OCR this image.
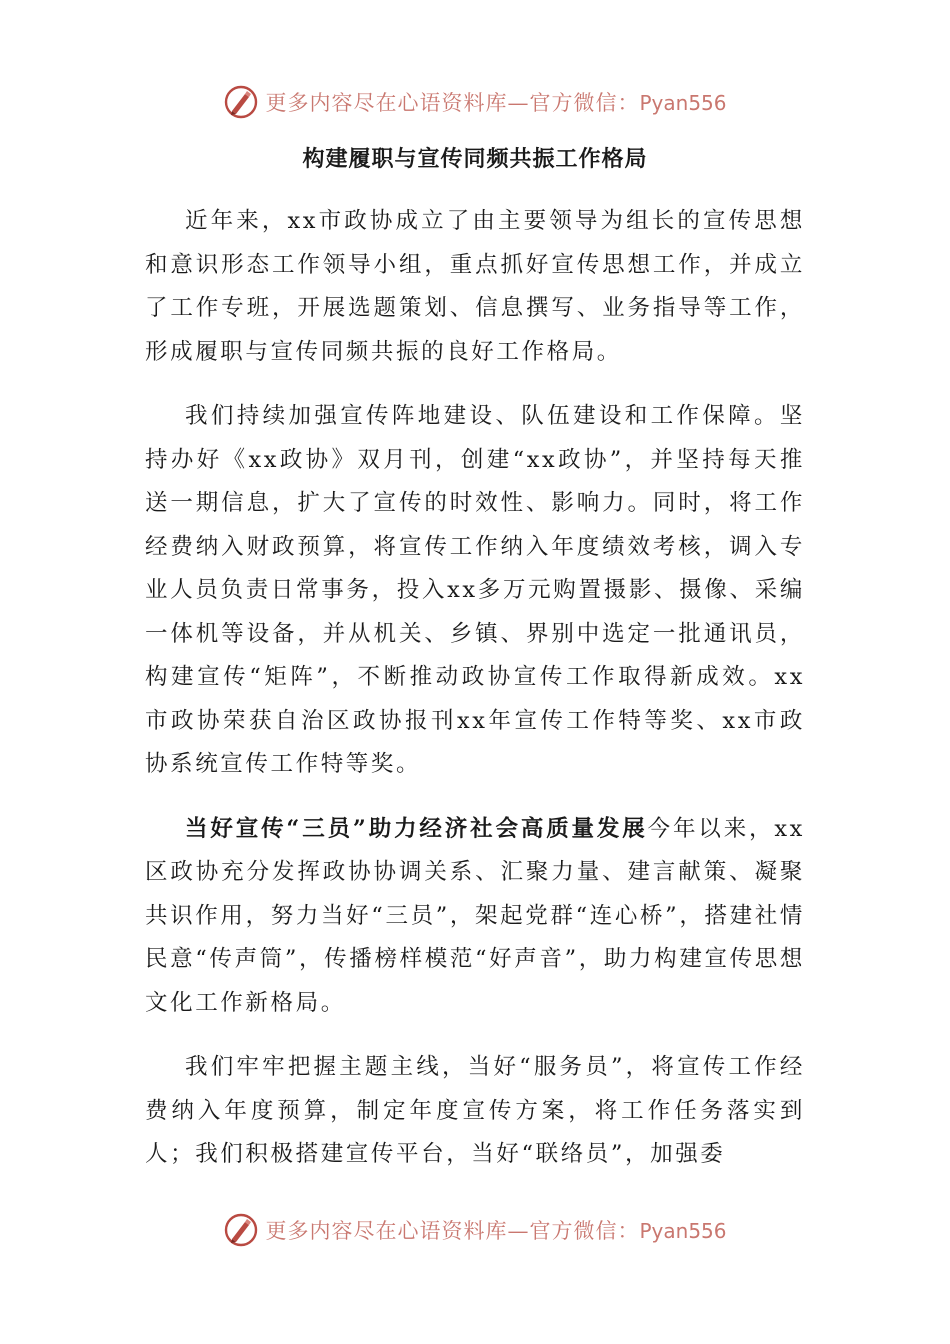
更多内容尽在心语资料库—官方微信：Pyan556
构建履职与宣传同频共振工作格局

近年来，xx市政协成立了由主要领导为组长的宣传思想和意识形态工作领导小组，重点抓好宣传思想工作，并成立了工作专班，开展选题策划、信息撰写、业务指导等工作，形成履职与宣传同频共振的良好工作格局。

我们持续加强宣传阵地建设、队伍建设和工作保障。坚持办好《xx政协》双月刊，创建“xx政协”，并坚持每天推送一期信息，扩大了宣传的时效性、影响力。同时，将工作经费纳入财政预算，将宣传工作纳入年度绩效考核，调入专业人员负责日常事务，投入xx多万元购置摄影、摄像、采编一体机等设备，并从机关、乡镇、界别中选定一批通讯员，构建宣传“矩阵”，不断推动政协宣传工作取得新成效。xx市政协荣获自治区政协报刊xx年宣传工作特等奖、xx市政协系统宣传工作特等奖。

当好宣传“三员”助力经济社会高质量发展今年以来，xx区政协充分发挥政协协调关系、汇聚力量、建言献策、凝聚共识作用，努力当好“三员”，架起党群“连心桥”，搭建社情民意“传声筒”，传播榜样模范“好声音”，助力构建宣传思想文化工作新格局。

我们牢牢把握主题主线，当好“服务员”，将宣传工作经费纳入年度预算，制定年度宣传方案，将工作任务落实到人；我们积极搭建宣传平台，当好“联络员”，加强委

更多内容尽在心语资料库—官方微信：Pyan556
